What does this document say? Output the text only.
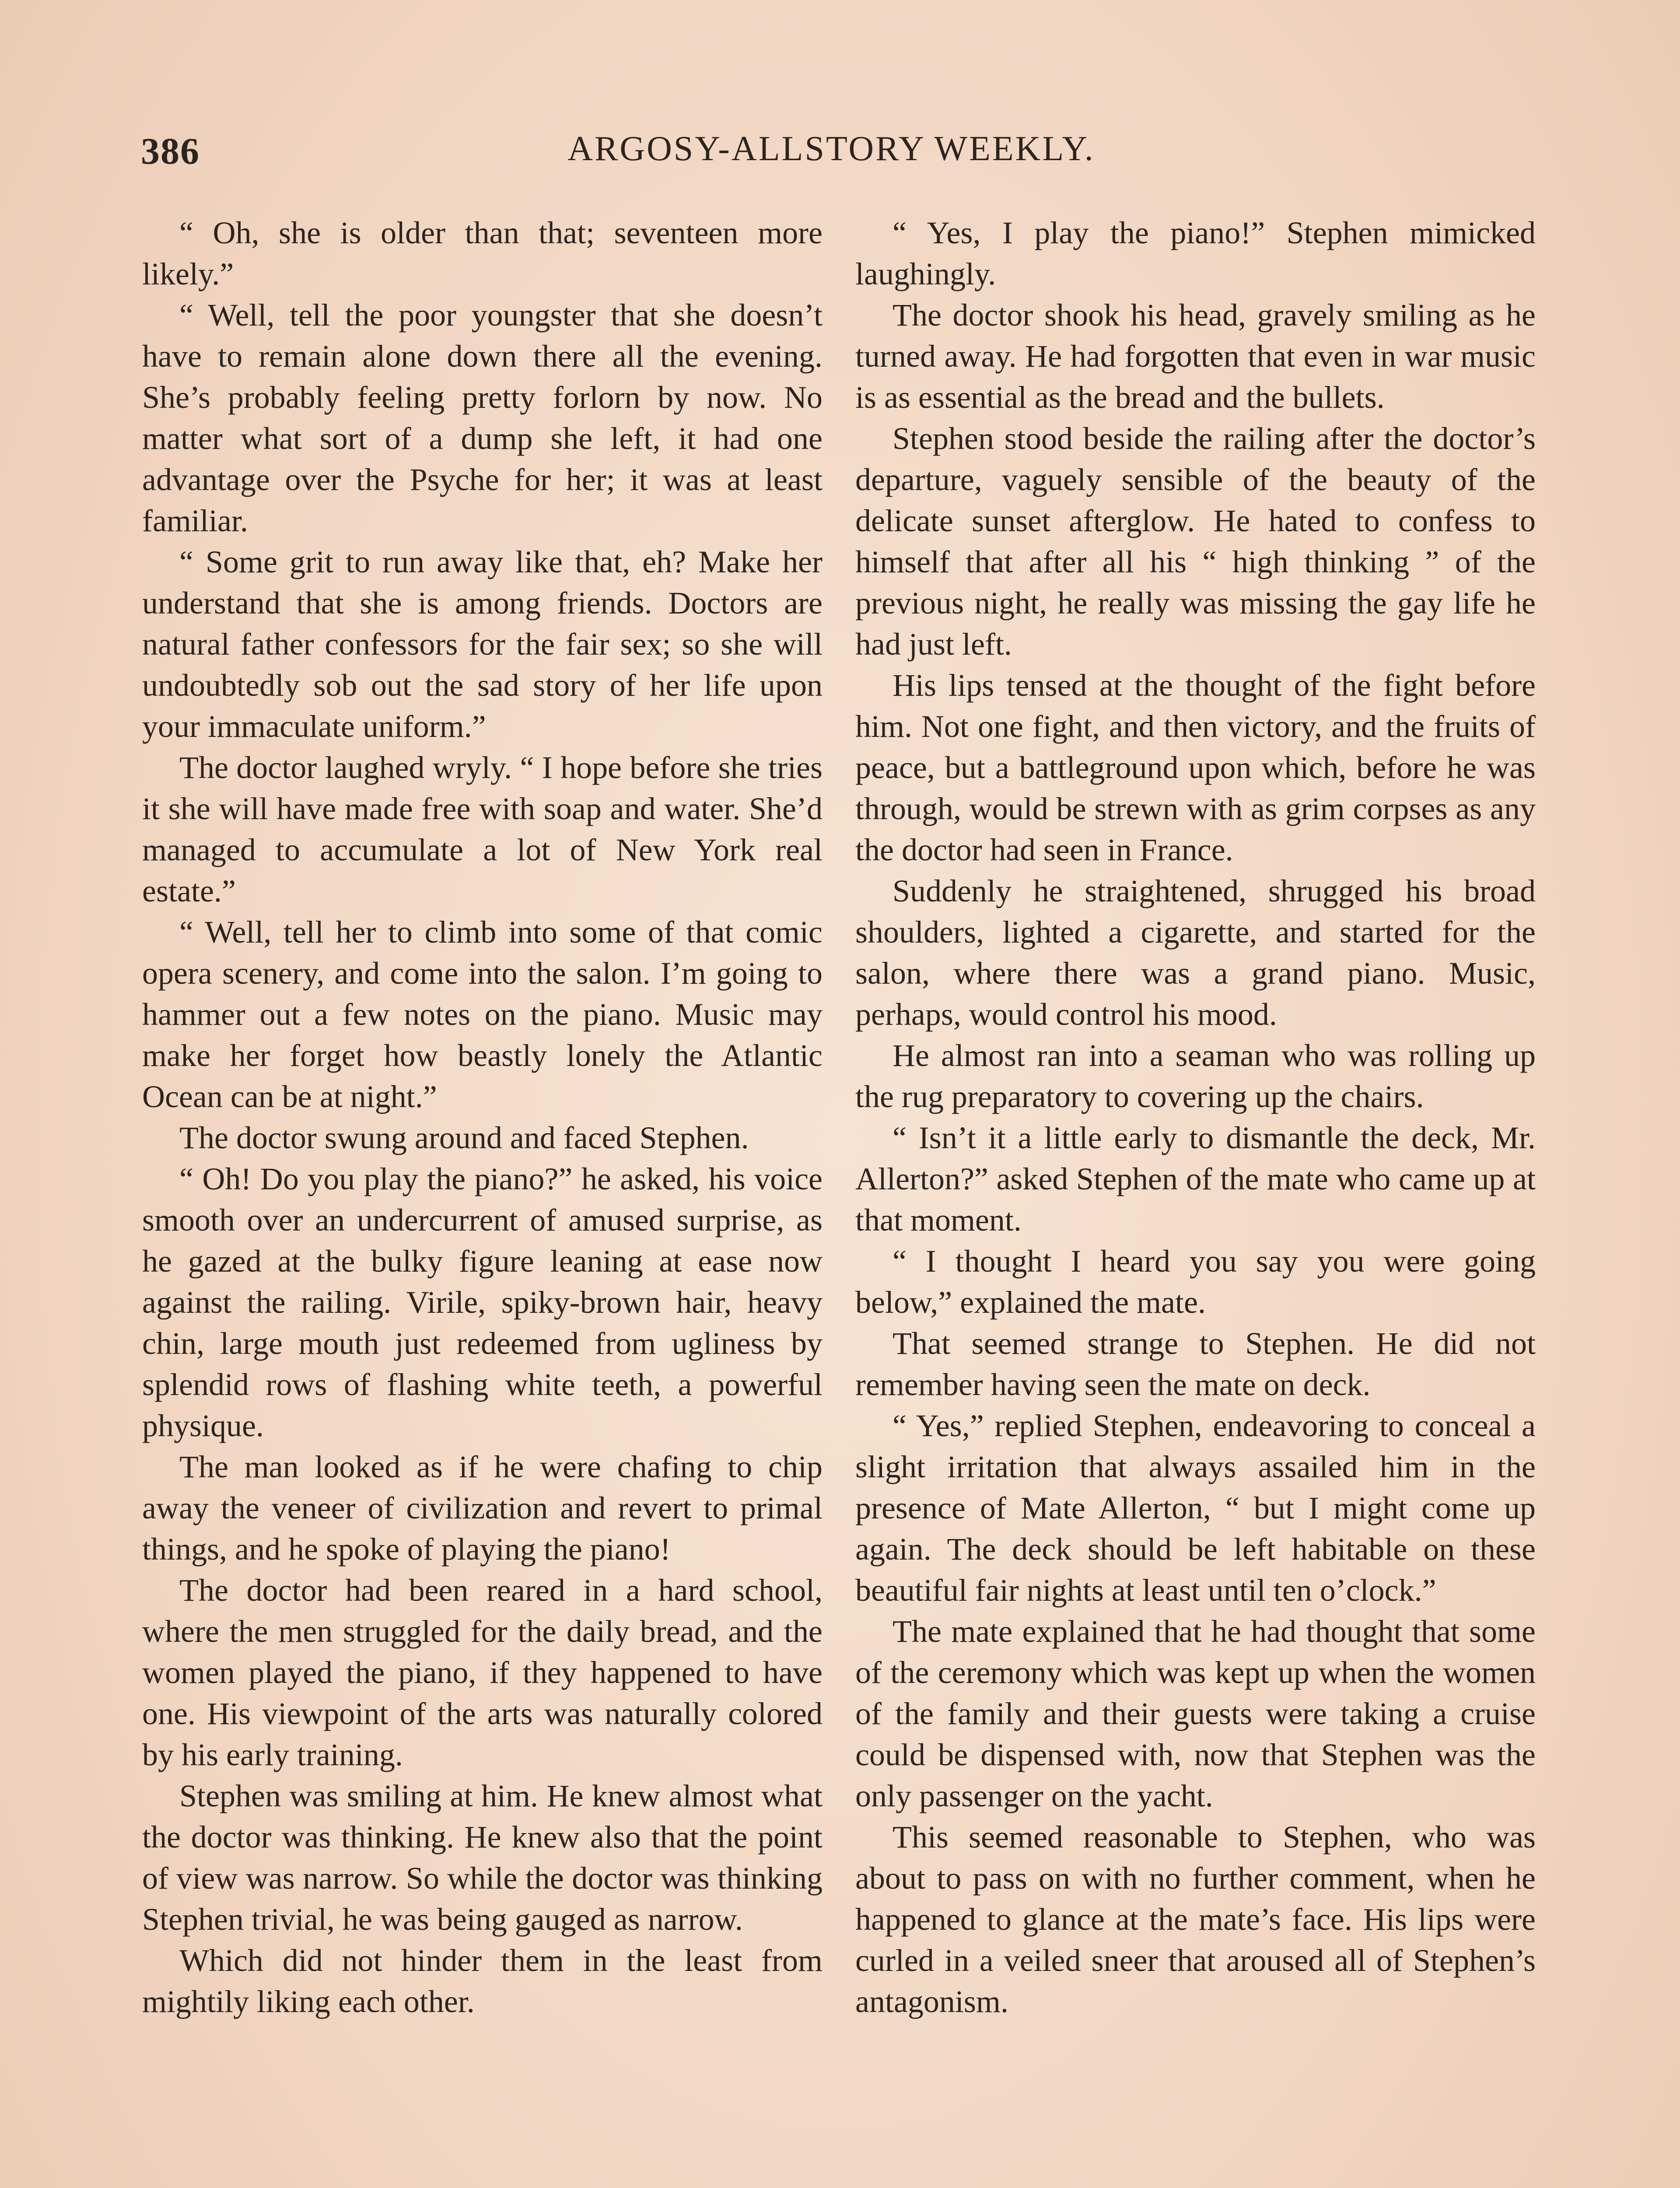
ARGOSY-ALLSTORY WEEKLY.
386

“ Oh, she is older than that; seventeen more likely.”

“ Well, tell the poor youngster that she doesn’t have to remain alone down there all the evening. She’s probably feeling pretty forlorn by now. No matter what sort of a dump she left, it had one advantage over the Psyche for her; it was at least familiar.

“ Some grit to run away like that, eh? Make her understand that she is among friends. Doctors are natural father confessors for the fair sex; so she will undoubtedly sob out the sad story of her life upon your immaculate uniform.”

The doctor laughed wryly. “ I hope before she tries it she will have made free with soap and water. She’d managed to accumulate a lot of New York real estate.”

“ Well, tell her to climb into some of that comic opera scenery, and come into the salon. I’m going to hammer out a few notes on the piano. Music may make her forget how beastly lonely the Atlantic Ocean can be at night.”

The doctor swung around and faced Stephen.

“ Oh! Do you play the piano?” he asked, his voice smooth over an undercurrent of amused surprise, as he gazed at the bulky figure leaning at ease now against the railing. Virile, spiky-brown hair, heavy chin, large mouth just redeemed from ugliness by splendid rows of flashing white teeth, a powerful physique.

The man looked as if he were chafing to chip away the veneer of civilization and revert to primal things, and he spoke of playing the piano!

The doctor had been reared in a hard school, where the men struggled for the daily bread, and the women played the piano, if they happened to have one. His viewpoint of the arts was naturally colored by his early training.

Stephen was smiling at him. He knew almost what the doctor was thinking. He knew also that the point of view was narrow. So while the doctor was thinking Stephen trivial, he was being gauged as narrow.

Which did not hinder them in the least from mightily liking each other.

“ Yes, I play the piano!” Stephen mimicked laughingly.

The doctor shook his head, gravely smiling as he turned away. He had forgotten that even in war music is as essential as the bread and the bullets.

Stephen stood beside the railing after the doctor’s departure, vaguely sensible of the beauty of the delicate sunset afterglow. He hated to confess to himself that after all his “ high thinking ” of the previous night, he really was missing the gay life he had just left.

His lips tensed at the thought of the fight before him. Not one fight, and then victory, and the fruits of peace, but a battleground upon which, before he was through, would be strewn with as grim corpses as any the doctor had seen in France.

Suddenly he straightened, shrugged his broad shoulders, lighted a cigarette, and started for the salon, where there was a grand piano. Music, perhaps, would control his mood.

He almost ran into a seaman who was rolling up the rug preparatory to covering up the chairs.

“ Isn’t it a little early to dismantle the deck, Mr. Allerton?” asked Stephen of the mate who came up at that moment.

“ I thought I heard you say you were going below,” explained the mate.

That seemed strange to Stephen. He did not remember having seen the mate on deck.

“ Yes,” replied Stephen, endeavoring to conceal a slight irritation that always assailed him in the presence of Mate Allerton, “ but I might come up again. The deck should be left habitable on these beautiful fair nights at least until ten o’clock.”

The mate explained that he had thought that some of the ceremony which was kept up when the women of the family and their guests were taking a cruise could be dispensed with, now that Stephen was the only passenger on the yacht.

This seemed reasonable to Stephen, who was about to pass on with no further comment, when he happened to glance at the mate’s face. His lips were curled in a veiled sneer that aroused all of Stephen’s antagonism.
